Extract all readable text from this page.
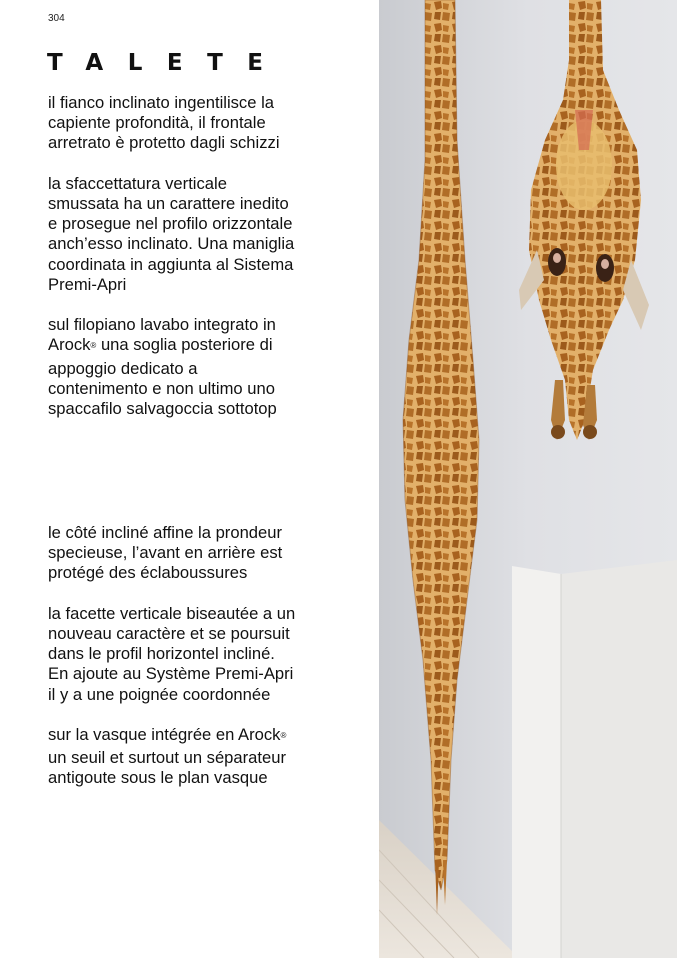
304
TALETE

il fianco inclinato ingentilisce la
capiente profondità, il frontale
arretrato è protetto dagli schizzi

la sfaccettatura verticale
smussata ha un carattere inedito
e prosegue nel profilo orizzontale
anch’esso inclinato. Una maniglia
coordinata in aggiunta al Sistema
Premi-Apri

sul filopiano lavabo integrato in
Arock® una soglia posteriore di
appoggio dedicato a
contenimento e non ultimo uno
spaccafilo salvagoccia sottotop

le côté incliné affine la prondeur
specieuse, l’avant en arrière est
protégé des éclaboussures

la facette verticale biseautée a un
nouveau caractère et se poursuit
dans le profil horizontel incliné.
En ajoute au Système Premi-Apri
il y a une poignée coordonnée

sur la vasque intégrée en Arock®
un seuil et surtout un séparateur
antigoute sous le plan vasque
